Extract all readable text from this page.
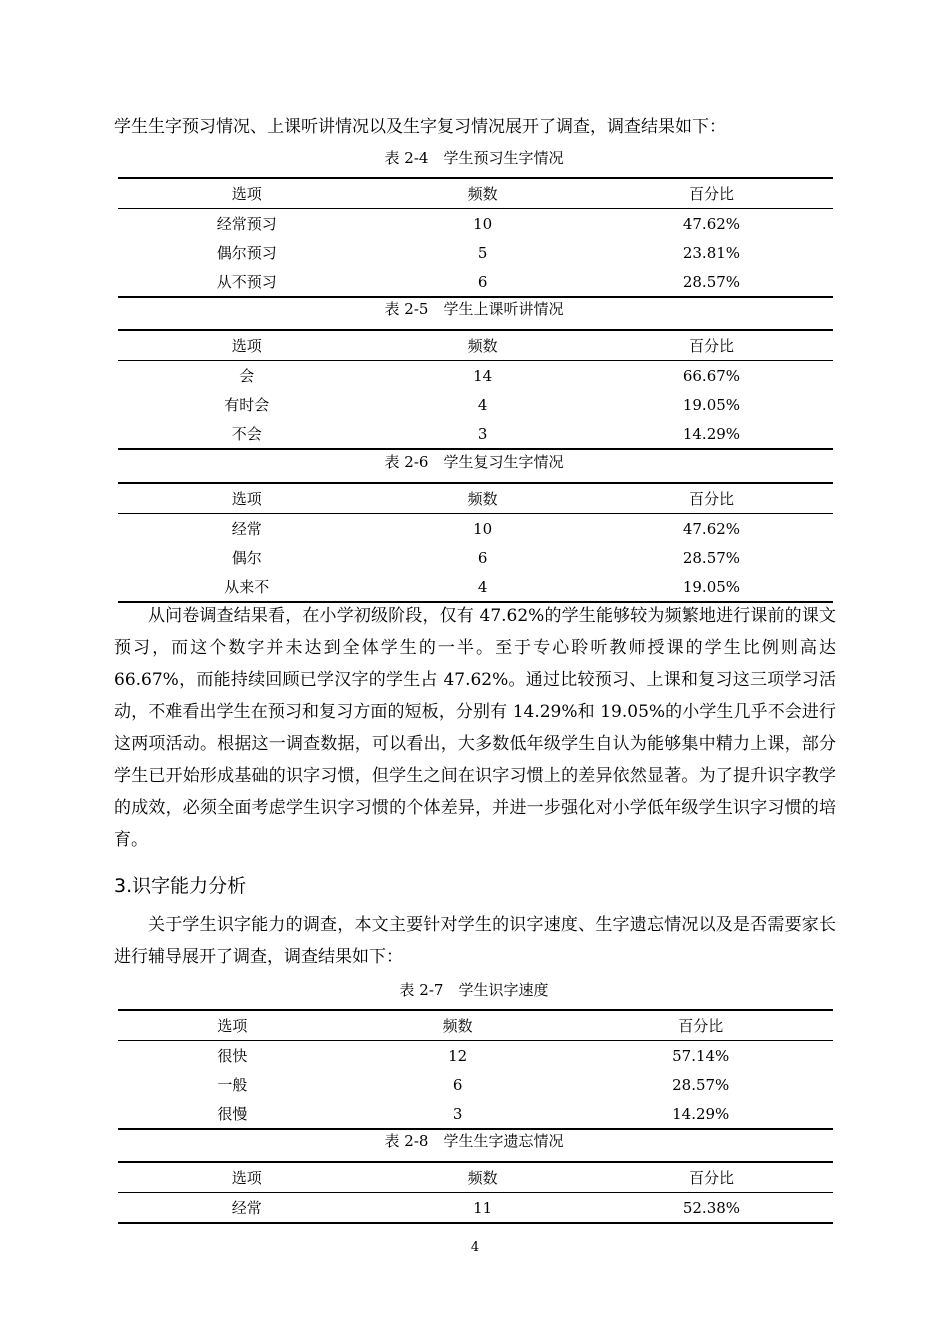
学生生字预习情况、上课听讲情况以及生字复习情况展开了调查，调查结果如下：
表 2-4　学生预习生字情况
选项	频数	百分比
经常预习	10	47.62%
偶尔预习	5	23.81%
从不预习	6	28.57%
表 2-5　学生上课听讲情况
选项	频数	百分比
会	14	66.67%
有时会	4	19.05%
不会	3	14.29%
表 2-6　学生复习生字情况
选项	频数	百分比
经常	10	47.62%
偶尔	6	28.57%
从来不	4	19.05%
从问卷调查结果看，在小学初级阶段，仅有 47.62%的学生能够较为频繁地进行课前的课文预习，而这个数字并未达到全体学生的一半。至于专心聆听教师授课的学生比例则高达 66.67%，而能持续回顾已学汉字的学生占 47.62%。通过比较预习、上课和复习这三项学习活动，不难看出学生在预习和复习方面的短板，分别有 14.29%和 19.05%的小学生几乎不会进行这两项活动。根据这一调查数据，可以看出，大多数低年级学生自认为能够集中精力上课，部分学生已开始形成基础的识字习惯，但学生之间在识字习惯上的差异依然显著。为了提升识字教学的成效，必须全面考虑学生识字习惯的个体差异，并进一步强化对小学低年级学生识字习惯的培育。
3.识字能力分析
关于学生识字能力的调查，本文主要针对学生的识字速度、生字遗忘情况以及是否需要家长进行辅导展开了调查，调查结果如下：
表 2-7　学生识字速度
选项	频数	百分比
很快	12	57.14%
一般	6	28.57%
很慢	3	14.29%
表 2-8　学生生字遗忘情况
选项	频数	百分比
经常	11	52.38%
4
